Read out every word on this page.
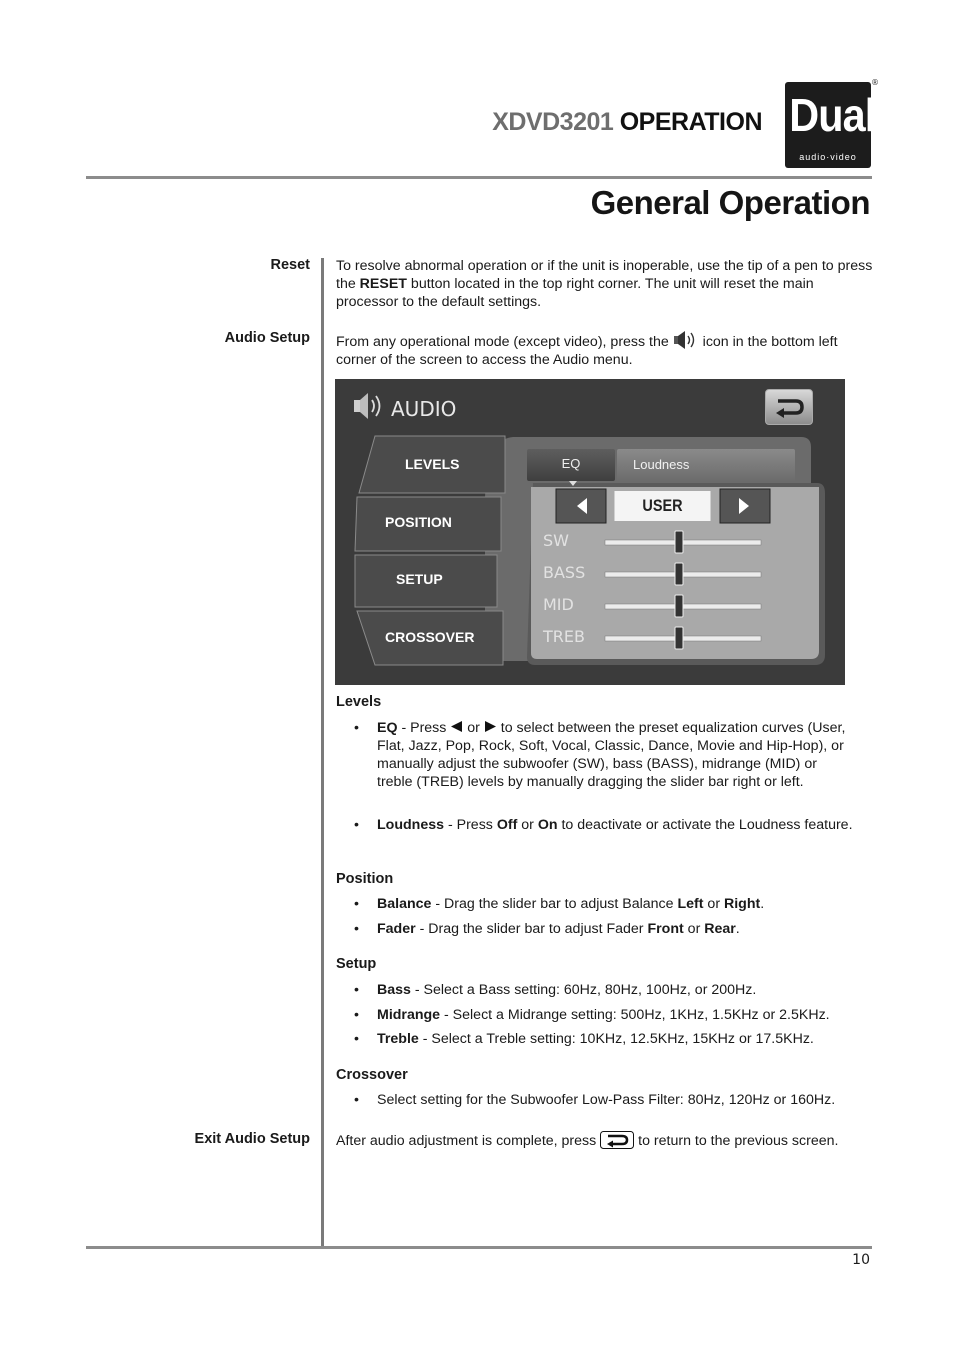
XDVD3201 OPERATION Dual
audio·video
®
General Operation
Reset To resolve abnormal operation or if the unit is inoperable, use the tip of a pen to press the RESET button located in the top right corner. The unit will reset the main processor to the default settings.
Audio Setup From any operational mode (except video), press the  icon in the bottom left corner of the screen to access the Audio menu.
AUDIO
LEVELS
POSITION
SETUP
CROSSOVER
EQ	Loudness
USER
SW
BASS
MID
TREB
Levels
• EQ - Press  or  to select between the preset equalization curves (User, Flat, Jazz, Pop, Rock, Soft, Vocal, Classic, Dance, Movie and Hip-Hop), or manually adjust the subwoofer (SW), bass (BASS), midrange (MID) or treble (TREB) levels by manually dragging the slider bar right or left.
• Loudness - Press Off or On to deactivate or activate the Loudness feature.
Position
• Balance - Drag the slider bar to adjust Balance Left or Right.
• Fader - Drag the slider bar to adjust Fader Front or Rear.
Setup
• Bass - Select a Bass setting: 60Hz, 80Hz, 100Hz, or 200Hz.
• Midrange - Select a Midrange setting: 500Hz, 1KHz, 1.5KHz or 2.5KHz.
• Treble - Select a Treble setting: 10KHz, 12.5KHz, 15KHz or 17.5KHz.
Crossover
• Select setting for the Subwoofer Low-Pass Filter: 80Hz, 120Hz or 160Hz.
Exit Audio Setup After audio adjustment is complete, press  to return to the previous screen.
10
